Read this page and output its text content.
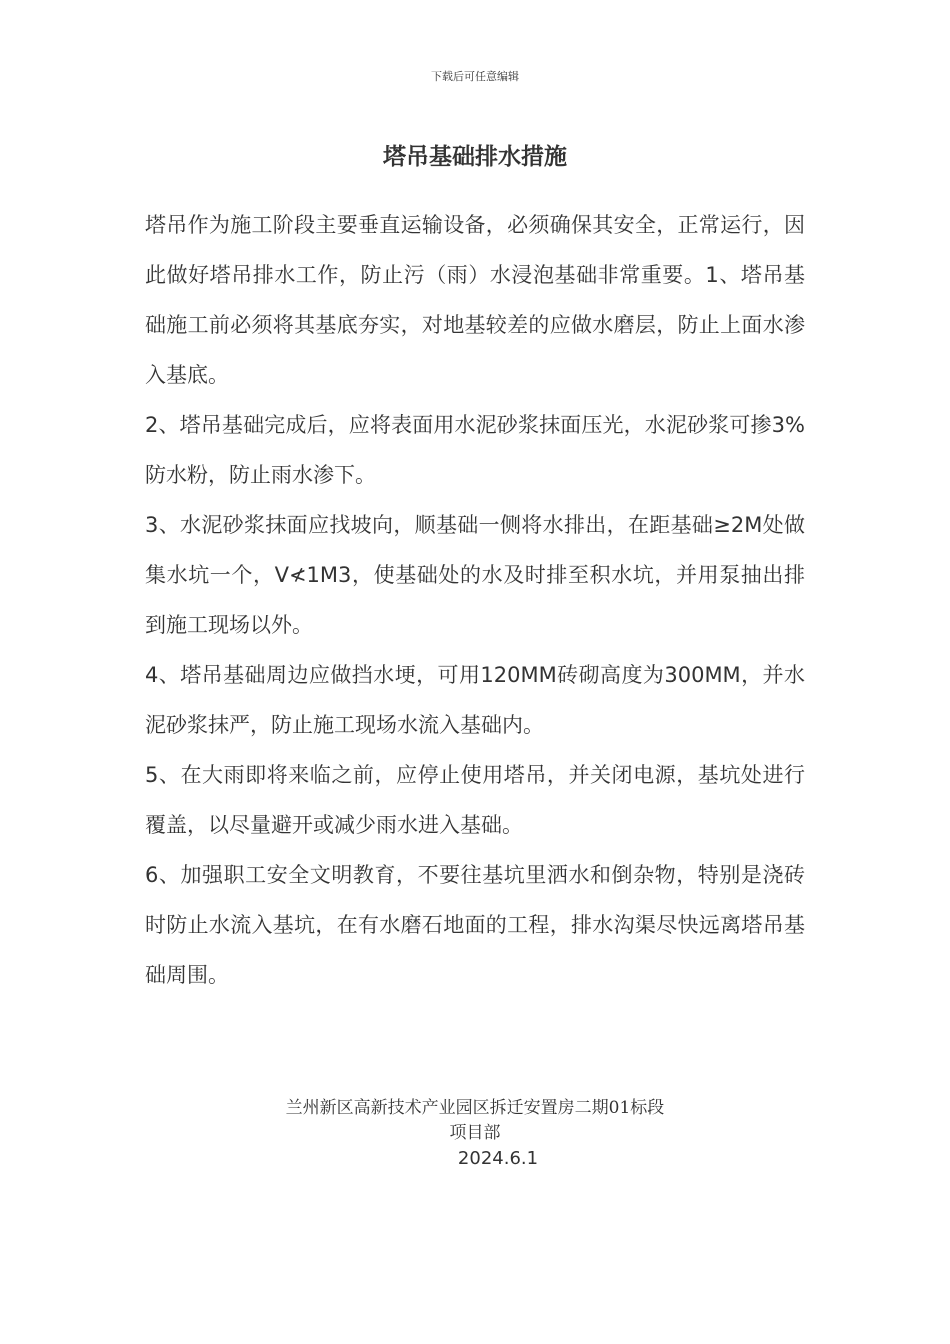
下载后可任意编辑
塔吊基础排水措施

塔吊作为施工阶段主要垂直运输设备，必须确保其安全，正常运行，因此做好塔吊排水工作，防止污（雨）水浸泡基础非常重要。1、塔吊基础施工前必须将其基底夯实，对地基较差的应做水磨层，防止上面水渗入基底。

2、塔吊基础完成后，应将表面用水泥砂浆抹面压光，水泥砂浆可掺3%防水粉，防止雨水渗下。

3、水泥砂浆抹面应找坡向，顺基础一侧将水排出，在距基础≥2M处做集水坑一个，V≮1M3，使基础处的水及时排至积水坑，并用泵抽出排到施工现场以外。

4、塔吊基础周边应做挡水埂，可用120MM砖砌高度为300MM，并水泥砂浆抹严，防止施工现场水流入基础内。

5、在大雨即将来临之前，应停止使用塔吊，并关闭电源，基坑处进行覆盖，以尽量避开或减少雨水进入基础。

6、加强职工安全文明教育，不要往基坑里洒水和倒杂物，特别是浇砖时防止水流入基坑，在有水磨石地面的工程，排水沟渠尽快远离塔吊基础周围。

兰州新区高新技术产业园区拆迁安置房二期01标段
项目部
2024.6.1
